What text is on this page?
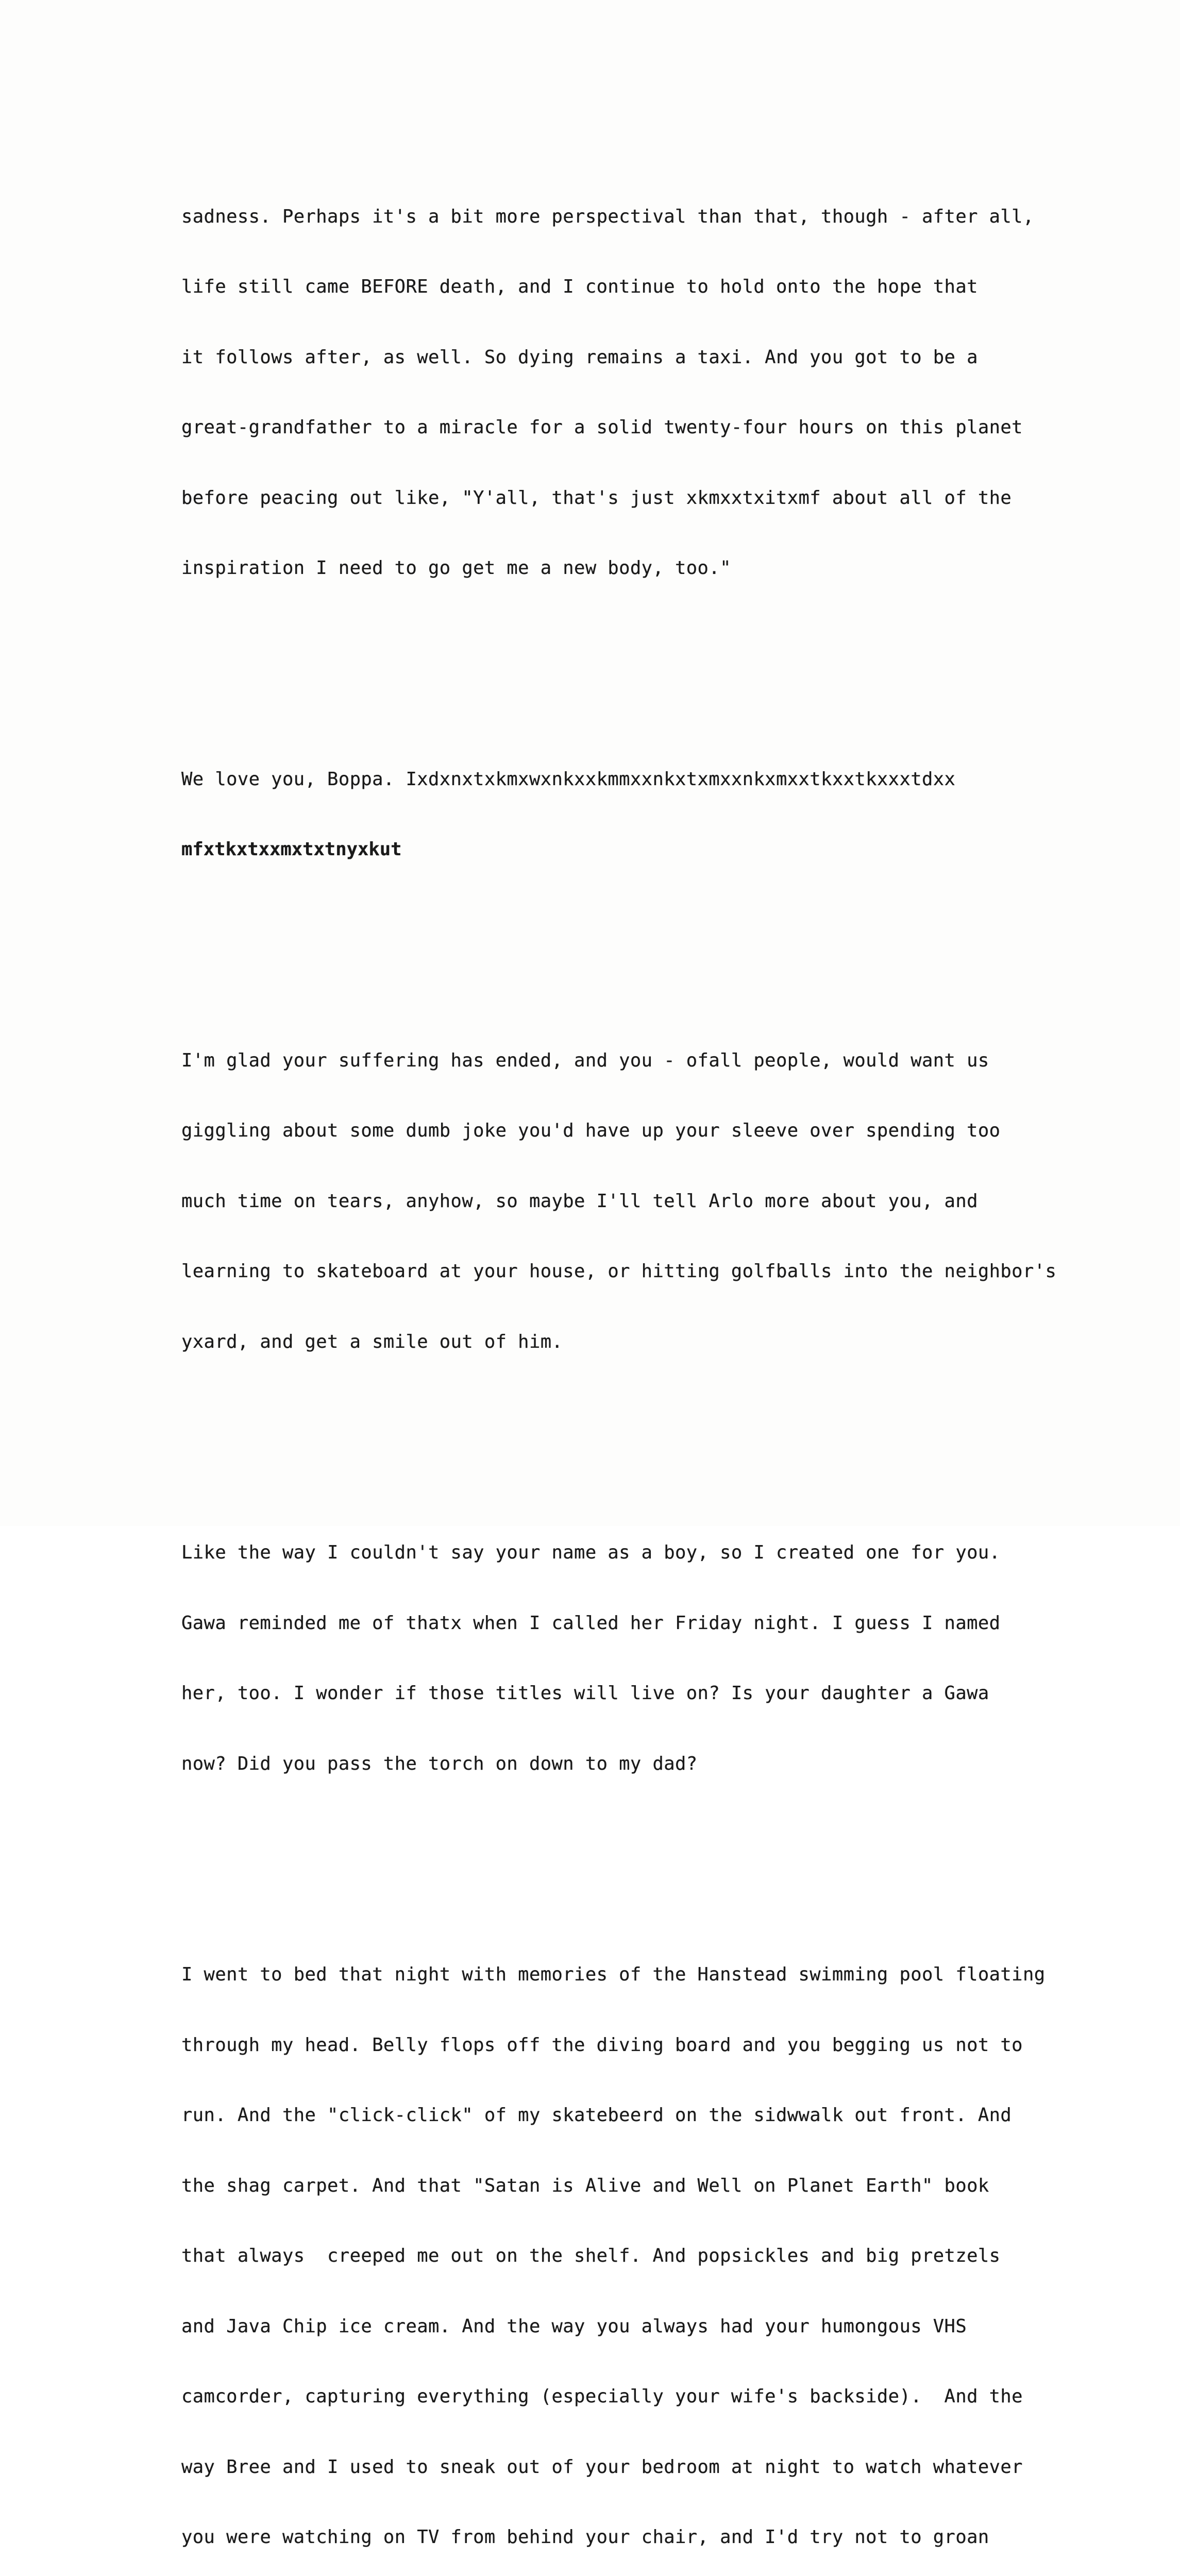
sadness. Perhaps it's a bit more perspectival than that, though - after all,

life still came BEFORE death, and I continue to hold onto the hope that

it follows after, as well. So dying remains a taxi. And you got to be a

great-grandfather to a miracle for a solid twenty-four hours on this planet

before peacing out like, "Y'all, that's just xkmxxtxitxmf about all of the

inspiration I need to go get me a new body, too."

We love you, Boppa. Ixdxnxtxkmxwxnkxxkmmxxnkxtxmxxnkxmxxtkxxtkxxxtdxx

mfxtkxtxxmxtxtnyxkut

I'm glad your suffering has ended, and you - ofall people, would want us

giggling about some dumb joke you'd have up your sleeve over spending too

much time on tears, anyhow, so maybe I'll tell Arlo more about you, and

learning to skateboard at your house, or hitting golfballs into the neighbor's

yxard, and get a smile out of him.

Like the way I couldn't say your name as a boy, so I created one for you.

Gawa reminded me of thatx when I called her Friday night. I guess I named

her, too. I wonder if those titles will live on? Is your daughter a Gawa

now? Did you pass the torch on down to my dad?

I went to bed that night with memories of the Hanstead swimming pool floating

through my head. Belly flops off the diving board and you begging us not to

run. And the "click-click" of my skatebeerd on the sidwwalk out front. And

the shag carpet. And that "Satan is Alive and Well on Planet Earth" book

that always  creeped me out on the shelf. And popsickles and big pretzels

and Java Chip ice cream. And the way you always had your humongous VHS

camcorder, capturing everything (especially your wife's backside).  And the

way Bree and I used to sneak out of your bedroom at night to watch whatever

you were watching on TV from behind your chair, and I'd try not to groan
